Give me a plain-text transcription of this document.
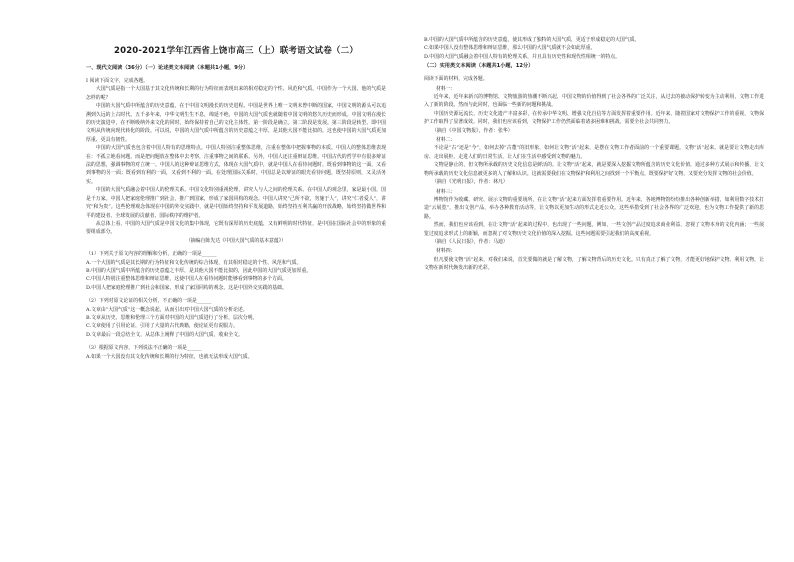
2020-2021学年江西省上饶市高三（上）联考语文试卷（二）
一、现代文阅读（36分）（一）论述类文本阅读（本题共1小题，9分）

Ⅰ 阅读下面文字，完成各题。

大国气质是指一个大国基于其文化传统和长期的行为特征而表现出来的相对稳定的个性、风范和气质。中国作为一个大国，他的气质是怎样的呢？

中国的大国气质中所蕴含的历史意蕴，在于中国文明漫长的历史进程。中国是世界上唯一文明未曾中断的国家，中国文明的源头可以追溯到久远的上古时代。五千多年来，中华文明生生不息，绵延不绝，中国的大国气质也就随着中国文明的悠久历史而形成。中国文明在漫长的历史演进中，在不断吸纳外来文化的同时，始终保持着自己的文化主体性。第一阶段是确立。第二阶段是发展。第三阶段是转型，即中国文明从传统向现代转化的阶段。可以说，中国的大国气质中所蕴含的历史意蕴之丰厚，是其他大国不能比拟的。这也使中国的大国气质更加厚重、更具有韧性。

中国的大国气质也包含着中国人特有的思维特点。中国人特别注重整体思维，注重在整体中把握事物的本质。中国人的整体思维表现在：不孤立地看问题，而是把问题放在整体中去考察，注重事物之间的联系。另外，中国人还注重辩证思维。中国古代的哲学中有很多辩证法的思想，强调事物的对立统一。中国人的这种辩证思维方式，体现在大国气质中，就是中国人在看待问题时，既看到事物的这一面，又看到事物的另一面；既看到有利的一面，又看到不利的一面。在处理国际关系时，中国总是以辩证的眼光看待问题，既坚持原则，又灵活务实。

中国的大国气质融会着中国人的伦理关系。中国文化特别重视伦理，讲究人与人之间的伦理关系。在中国人的观念里，家是最小国，国是千万家。中国人把家庭伦理推广到社会，推广到国家，形成了家国同构的观念。中国人讲究“己所不欲，勿施于人”，讲究“仁者爱人”，讲究“和为贵”。这些伦理观念体现在中国的外交实践中，就是中国始终坚持和平发展道路，始终坚持互利共赢的开放战略，始终坚持做世界和平的建设者、全球发展的贡献者、国际秩序的维护者。

从总体上看，中国的大国气质是中国文化的集中体现，它既有深厚的历史底蕴，又有鲜明的时代特征，是中国在国际社会中的形象的重要组成部分。

（摘编自陈先达《中国大国气质的基本意蕴》）

（1）下列关于原文内容的理解和分析，正确的一项是______

A.一个大国的气质是其长期的行为特征和文化传统的综合体现，有其相对稳定的个性、风范和气质。

B.中国的大国气质中所蕴含的历史意蕴之丰厚，是其他大国不能比拟的，因此中国的大国气质更加厚重。

C.中国人特别注重整体思维和辩证思维，这使中国人在看待问题时能够看到事物的多个方面。

D.中国人把家庭伦理推广到社会和国家，形成了家国同构的观念，这是中国外交实践的基础。

（2）下列对原文论证的相关分析，不正确的一项是______

A.文章由“大国气质”这一概念说起，从而引出对中国大国气质的分析论述。

B.文章从历史、思维和伦理三个方面对中国的大国气质进行了分析，层次分明。

C.文章使用了引用论证，引用了大量的古代典籍，使论证更有说服力。

D.文章最后一段总结全文，从总体上阐释了中国的大国气质，收束全文。

（3）根据原文内容，下列说法不正确的一项是______

A.如果一个大国没有其文化传统和长期的行为特征，也就无法形成大国气质。

B.中国的大国气质中所蕴含的历史意蕴，使其形成了独特的大国气质，更适于形成稳定的大国气质。

C.如果中国人没有整体思维和辩证思维，那么中国的大国气质就不会如此厚重。

D.中国的大国气质融会着中国人特有的伦理关系，并且具有历史性和现代性相统一的特点。

（二）实用类文本阅读（本题共1小题，12分）

阅读下面的材料，完成各题。

材料一：

近年来，近年来新兴的博物馆、文物旅游的热潮不断兴起，中国文物的价值得到了社会各界的广泛关注，从过去的被动保护转变为主动利用，文物工作进入了新的阶段。然而与此同时，也面临一些新的问题和挑战。

中国历史源远流长，历史文化遗产丰富多彩，在传承中华文明、增强文化自信等方面发挥着重要作用。近年来，随着国家对文物保护工作的重视，文物保护工作取得了显著成效。同时，我们也应该看到，文物保护工作仍然面临着诸多困难和挑战，需要全社会共同努力。

（摘自《中国文物报》，作者：张华）

材料二：

不论是“古”还是“今”，如何去掉“古董”的旧形象，如何让文物“活”起来，是摆在文物工作者面前的一个重要课题。文物“活”起来，就是要让文物走出库房、走出展柜，走进人们的日常生活，让人们在生活中感受到文物的魅力。

文物是静止的，但文物所承载的历史文化信息是鲜活的。让文物“活”起来，就是要深入挖掘文物所蕴含的历史文化价值，通过多种方式展示和传播，让文物所承载的历史文化信息被更多的人了解和认识。这就需要我们在文物保护和利用之间找到一个平衡点，既要保护好文物，又要充分发挥文物的社会价值。

（摘自《光明日报》，作者：林凡）

材料三：

博物馆作为收藏、研究、展示文物的重要场所，在让文物“活”起来方面发挥着重要作用。近年来，各地博物馆纷纷推出各种创新举措，如利用数字技术打造“云展览”，推出文创产品，举办各种教育活动等，让文物以更加生动的形式走近公众。这些举措受到了社会各界的广泛欢迎，也为文物工作提供了新的思路。

然而，我们也应该看到，在让文物“活”起来的过程中，也出现了一些问题。例如，一些文创产品过度追求商业利益，忽视了文物本身的文化内涵；一些展览过度追求形式上的新颖，而忽视了对文物历史文化价值的深入挖掘。这些问题需要引起我们的高度重视。

（摘自《人民日报》，作者：马迪）

材料四：

但凡要使文物“活”起来，对我们来说，首先要做的就是了解文物，了解文物背后的历史文化。只有真正了解了文物，才能更好地保护文物、利用文物，让文物在新时代焕发出新的光彩。
